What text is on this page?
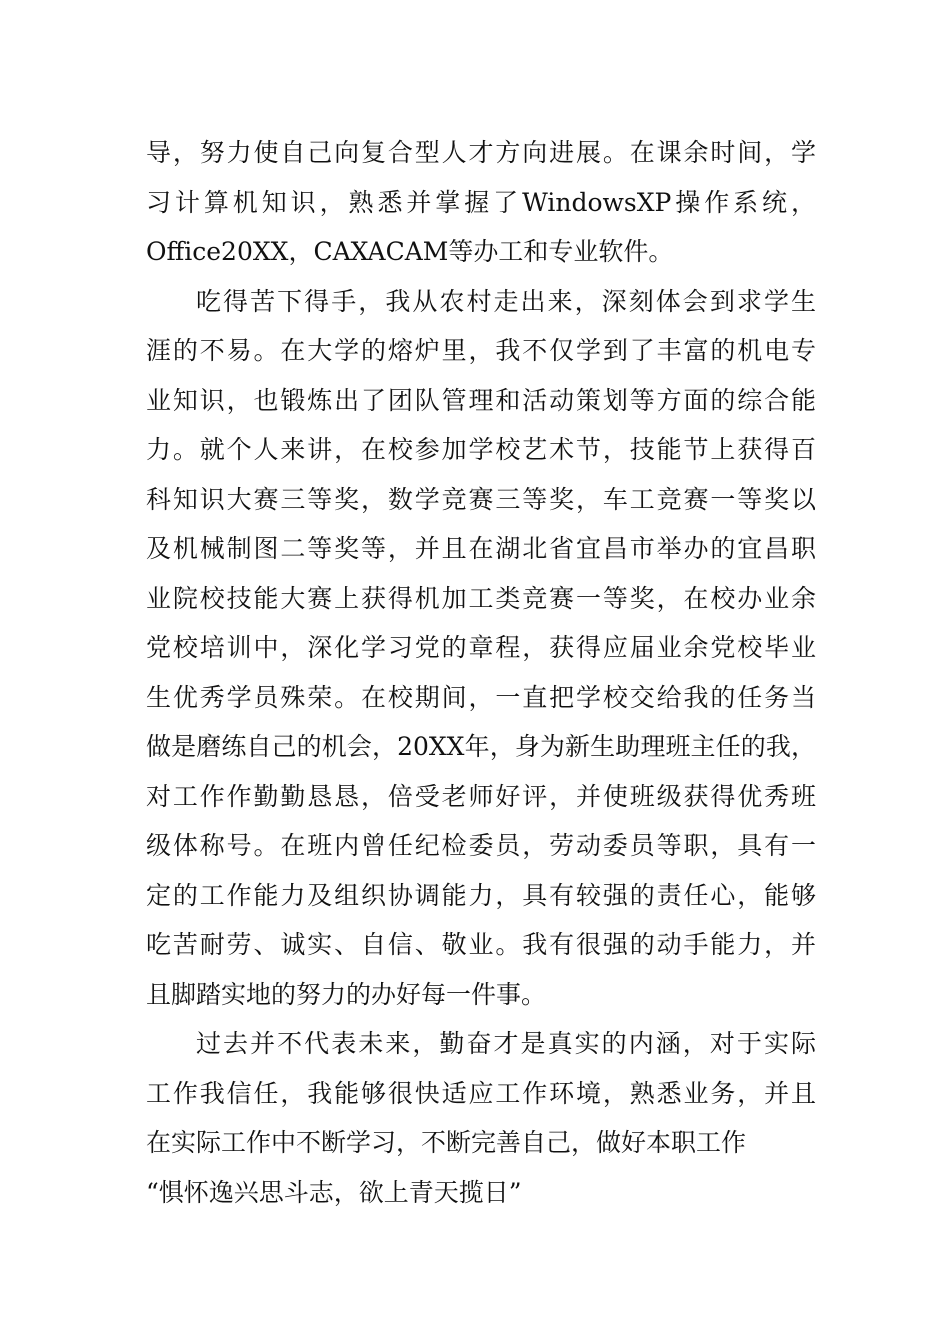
导，努力使自己向复合型人才方向进展。在课余时间，学
习计算机知识，熟悉并掌握了WindowsXP操作系统，
Office20XX，CAXACAM等办工和专业软件。
吃得苦下得手，我从农村走出来，深刻体会到求学生
涯的不易。在大学的熔炉里，我不仅学到了丰富的机电专
业知识，也锻炼出了团队管理和活动策划等方面的综合能
力。就个人来讲，在校参加学校艺术节，技能节上获得百
科知识大赛三等奖，数学竞赛三等奖，车工竞赛一等奖以
及机械制图二等奖等，并且在湖北省宜昌市举办的宜昌职
业院校技能大赛上获得机加工类竞赛一等奖，在校办业余
党校培训中，深化学习党的章程，获得应届业余党校毕业
生优秀学员殊荣。在校期间，一直把学校交给我的任务当
做是磨练自己的机会，20XX年，身为新生助理班主任的我，
对工作作勤勤恳恳，倍受老师好评，并使班级获得优秀班
级体称号。在班内曾任纪检委员，劳动委员等职，具有一
定的工作能力及组织协调能力，具有较强的责任心，能够
吃苦耐劳、诚实、自信、敬业。我有很强的动手能力，并
且脚踏实地的努力的办好每一件事。
过去并不代表未来，勤奋才是真实的内涵，对于实际
工作我信任，我能够很快适应工作环境，熟悉业务，并且
在实际工作中不断学习，不断完善自己，做好本职工作
“惧怀逸兴思斗志，欲上青天揽日”
